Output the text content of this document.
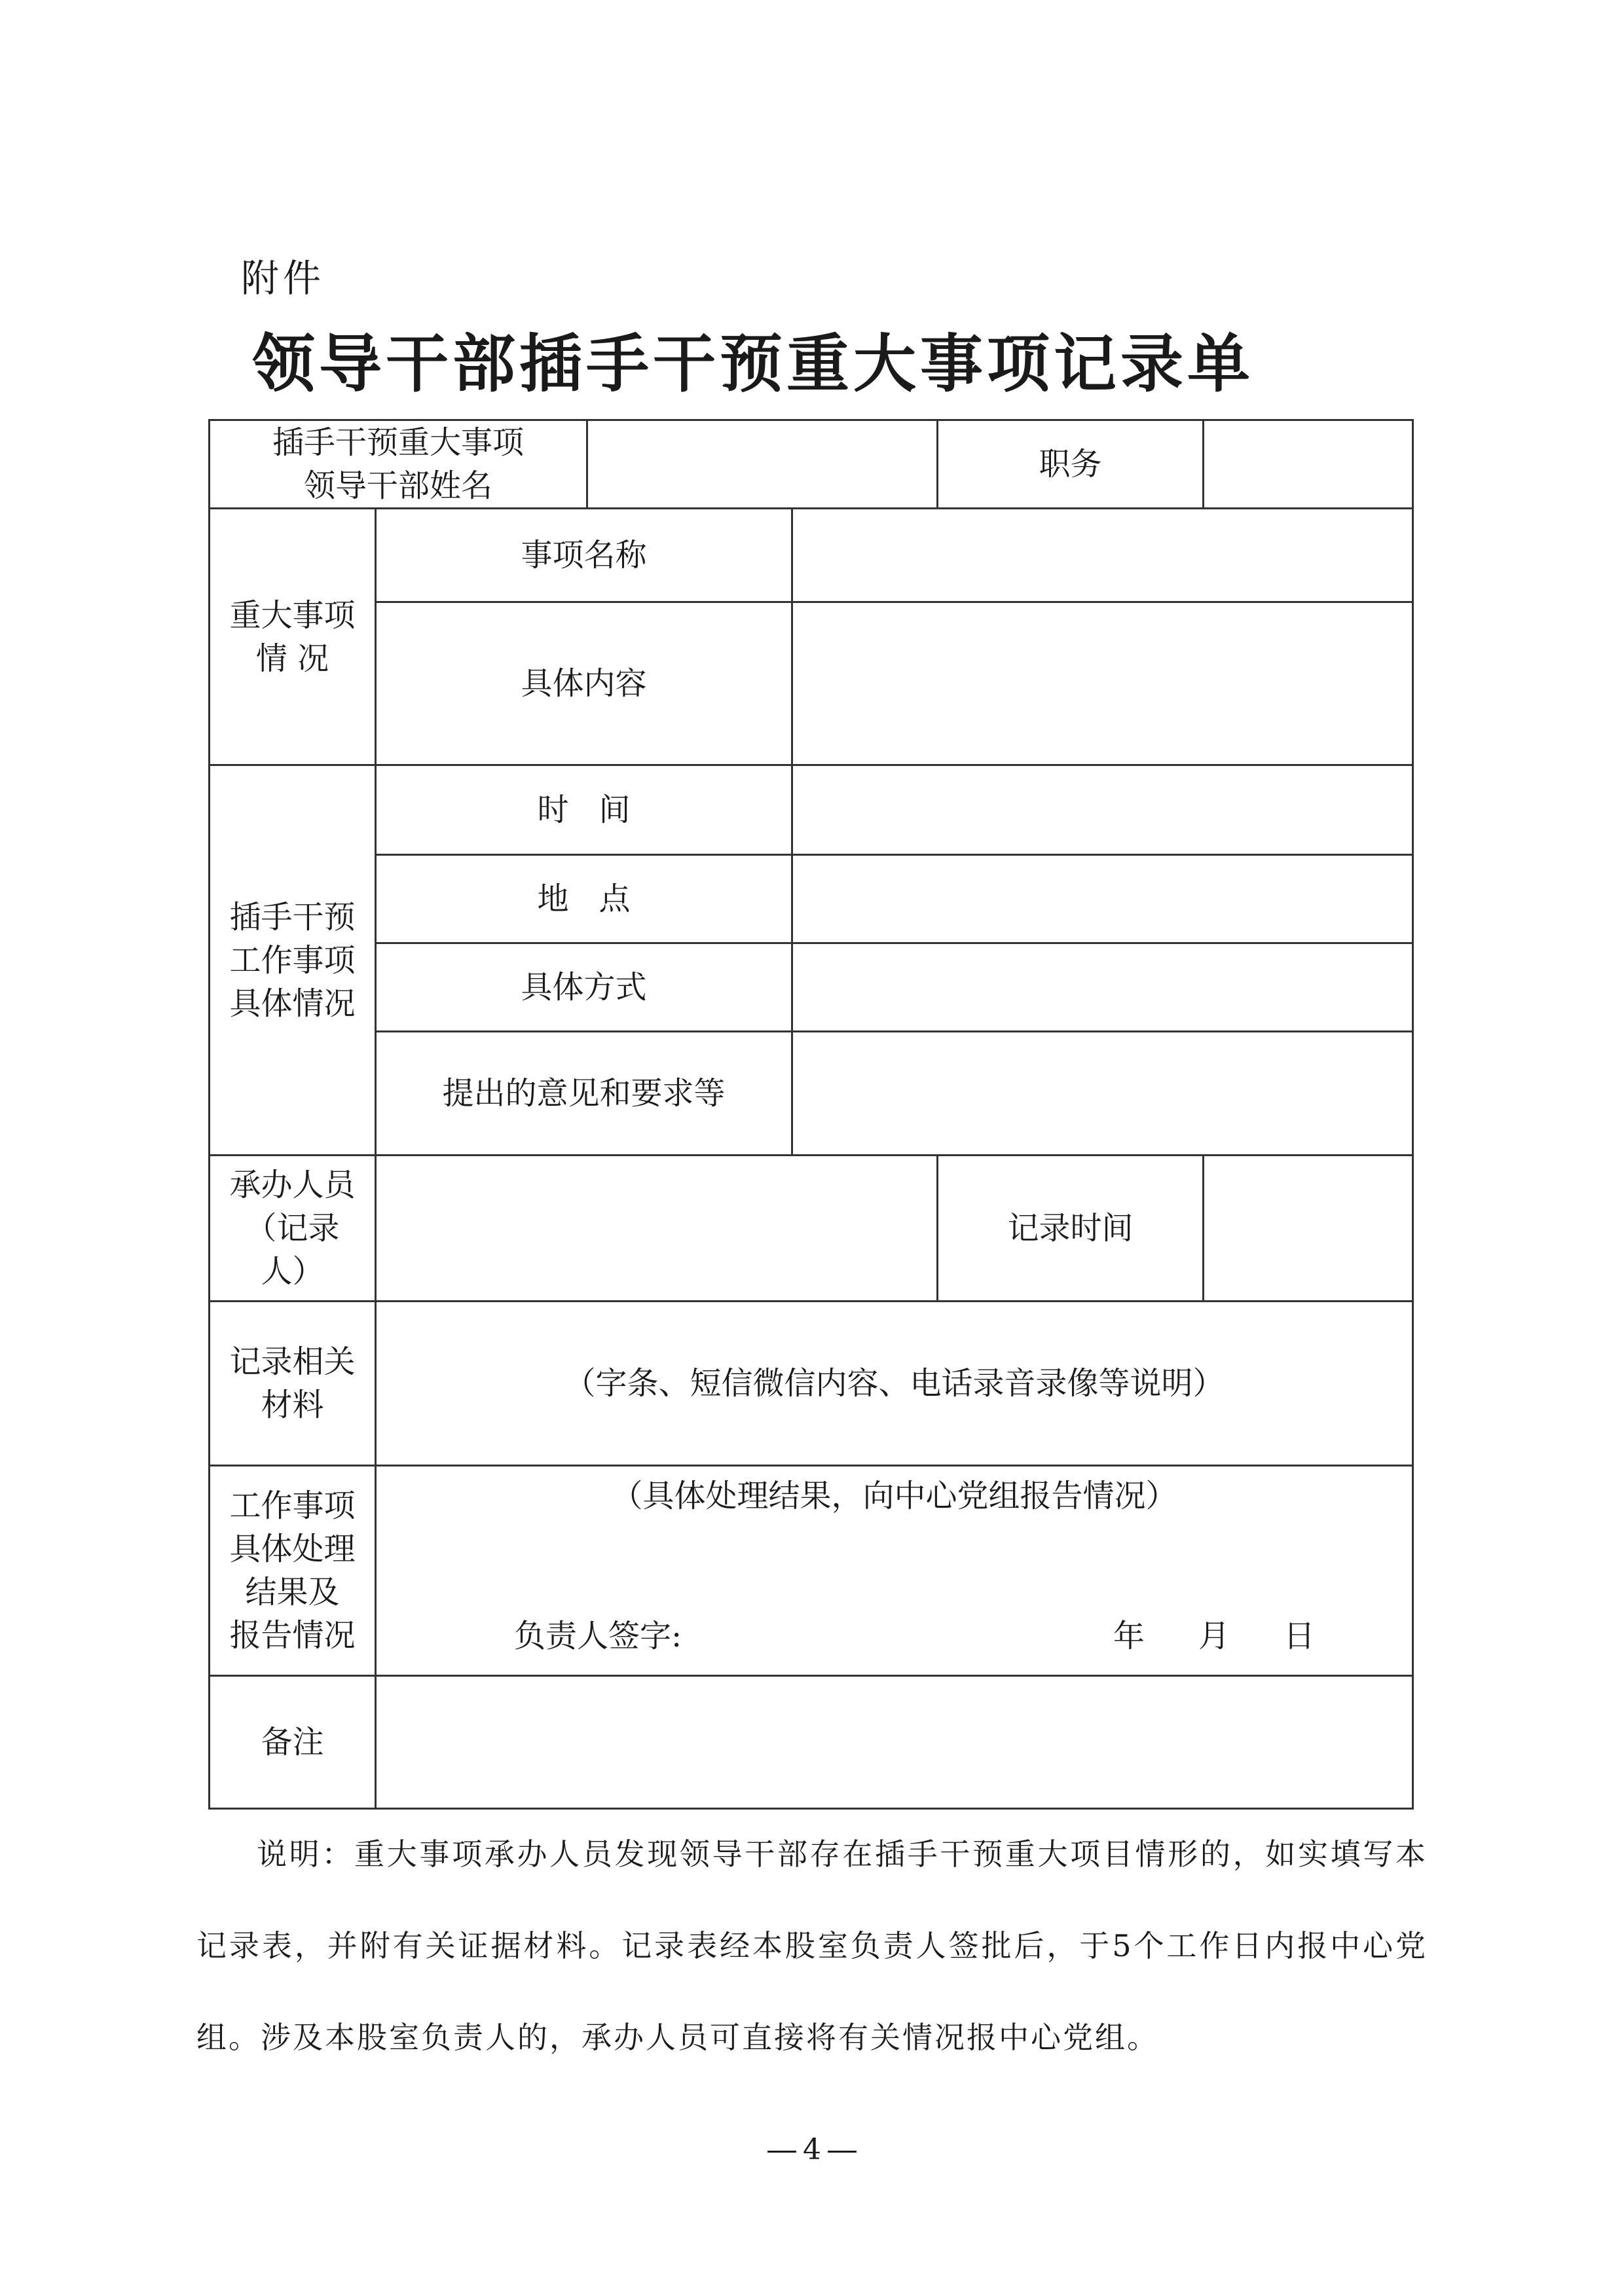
附件
领导干部插手干预重大事项记录单
插手干预重大事项
领导干部姓名				职务	

重大事项
情 况	事项名称				
	具体内容				

插手干预
工作事项
具体情况	时 间				
	地 点				
	具体方式				
	提出的意见和要求等				

承办人员
（记录
人）				记录时间	

记录相关
材料	（字条、短信微信内容、电话录音录像等说明）				

工作事项
具体处理
结果及
报告情况	（具体处理结果，向中心党组报告情况）
负责人签字: 年 月 日				

备注					
说明：重大事项承办人员发现领导干部存在插手干预重大项目情形的，如实填写本记录表，并附有关证据材料。记录表经本股室负责人签批后，于5个工作日内报中心党组。涉及本股室负责人的，承办人员可直接将有关情况报中心党组。
4
